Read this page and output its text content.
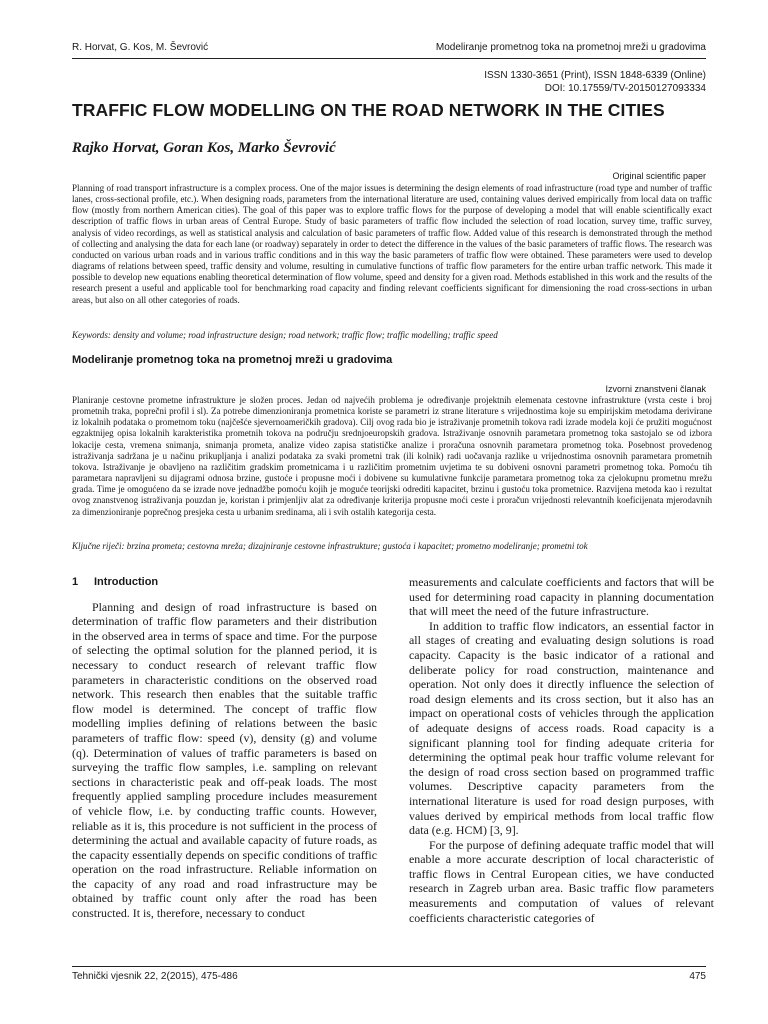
R. Horvat, G. Kos, M. Ševrović	Modeliranje prometnog toka na prometnoj mreži u gradovima
ISSN 1330-3651 (Print), ISSN 1848-6339 (Online)
DOI: 10.17559/TV-20150127093334
TRAFFIC FLOW MODELLING ON THE ROAD NETWORK IN THE CITIES
Rajko Horvat, Goran Kos, Marko Ševrović
Original scientific paper

Planning of road transport infrastructure is a complex process. One of the major issues is determining the design elements of road infrastructure (road type and number of traffic lanes, cross-sectional profile, etc.). When designing roads, parameters from the international literature are used, containing values derived empirically from local data on traffic flow (mostly from northern American cities). The goal of this paper was to explore traffic flows for the purpose of developing a model that will enable scientifically exact description of traffic flows in urban areas of Central Europe. Study of basic parameters of traffic flow included the selection of road location, survey time, traffic survey, analysis of video recordings, as well as statistical analysis and calculation of basic parameters of traffic flow. Added value of this research is demonstrated through the method of collecting and analysing the data for each lane (or roadway) separately in order to detect the difference in the values of the basic parameters of traffic flows. The research was conducted on various urban roads and in various traffic conditions and in this way the basic parameters of traffic flow were obtained. These parameters were used to develop diagrams of relations between speed, traffic density and volume, resulting in cumulative functions of traffic flow parameters for the entire urban traffic network. This made it possible to develop new equations enabling theoretical determination of flow volume, speed and density for a given road. Methods established in this work and the results of the research present a useful and applicable tool for benchmarking road capacity and finding relevant coefficients significant for dimensioning the road cross-sections in urban areas, but also on all other categories of roads.

Keywords: density and volume; road infrastructure design; road network; traffic flow; traffic modelling; traffic speed

Modeliranje prometnog toka na prometnoj mreži u gradovima
Izvorni znanstveni članak

Planiranje cestovne prometne infrastrukture je složen proces. Jedan od najvećih problema je određivanje projektnih elemenata cestovne infrastrukture (vrsta ceste i broj prometnih traka, poprečni profil i sl). Za potrebe dimenzioniranja prometnica koriste se parametri iz strane literature s vrijednostima koje su empirijskim metodama derivirane iz lokalnih podataka o prometnom toku (najčešće sjevernoameričkih gradova). Cilj ovog rada bio je istraživanje prometnih tokova radi izrade modela koji će pružiti mogućnost egzaktnijeg opisa lokalnih karakteristika prometnih tokova na području srednjoeuropskih gradova. Istraživanje osnovnih parametara prometnog toka sastojalo se od izbora lokacije cesta, vremena snimanja, snimanja prometa, analize video zapisa statističke analize i proračuna osnovnih parametara prometnog toka. Posebnost provedenog istraživanja sadržana je u načinu prikupljanja i analizi podataka za svaki prometni trak (ili kolnik) radi uočavanja razlike u vrijednostima osnovnih parametara prometnih tokova. Istraživanje je obavljeno na različitim gradskim prometnicama i u različitim prometnim uvjetima te su dobiveni osnovni parametri prometnog toka. Pomoću tih parametara napravljeni su dijagrami odnosa brzine, gustoće i propusne moći i dobivene su kumulativne funkcije parametara prometnog toka za cjelokupnu prometnu mrežu grada. Time je omogućeno da se izrade nove jednadžbe pomoću kojih je moguće teorijski odrediti kapacitet, brzinu i gustoću toka prometnice. Razvijena metoda kao i rezultat ovog znanstvenog istraživanja pouzdan je, koristan i primjenljiv alat za određivanje kriterija propusne moći ceste i proračun vrijednosti relevantnih koeficijenata mjerodavnih za dimenzioniranje poprečnog presjeka cesta u urbanim sredinama, ali i svih ostalih kategorija cesta.

Ključne riječi: brzina prometa; cestovna mreža; dizajniranje cestovne infrastrukture; gustoća i kapacitet; prometno modeliranje; prometni tok

1 Introduction

Planning and design of road infrastructure is based on determination of traffic flow parameters and their distribution in the observed area in terms of space and time. For the purpose of selecting the optimal solution for the planned period, it is necessary to conduct research of relevant traffic flow parameters in characteristic conditions on the observed road network. This research then enables that the suitable traffic flow model is determined. The concept of traffic flow modelling implies defining of relations between the basic parameters of traffic flow: speed (v), density (g) and volume (q). Determination of values of traffic parameters is based on surveying the traffic flow samples, i.e. sampling on relevant sections in characteristic peak and off-peak loads. The most frequently applied sampling procedure includes measurement of vehicle flow, i.e. by conducting traffic counts. However, reliable as it is, this procedure is not sufficient in the process of determining the actual and available capacity of future roads, as the capacity essentially depends on specific conditions of traffic operation on the road infrastructure. Reliable information on the capacity of any road and road infrastructure may be obtained by traffic count only after the road has been constructed. It is, therefore, necessary to conduct

measurements and calculate coefficients and factors that will be used for determining road capacity in planning documentation that will meet the need of the future infrastructure.

In addition to traffic flow indicators, an essential factor in all stages of creating and evaluating design solutions is road capacity. Capacity is the basic indicator of a rational and deliberate policy for road construction, maintenance and operation. Not only does it directly influence the selection of road design elements and its cross section, but it also has an impact on operational costs of vehicles through the application of adequate designs of access roads. Road capacity is a significant planning tool for finding adequate criteria for determining the optimal peak hour traffic volume relevant for the design of road cross section based on programmed traffic volumes. Descriptive capacity parameters from the international literature is used for road design purposes, with values derived by empirical methods from local traffic flow data (e.g. HCM) [3, 9].

For the purpose of defining adequate traffic model that will enable a more accurate description of local characteristic of traffic flows in Central European cities, we have conducted research in Zagreb urban area. Basic traffic flow parameters measurements and computation of values of relevant coefficients characteristic categories of

Tehnički vjesnik 22, 2(2015), 475-486	475
